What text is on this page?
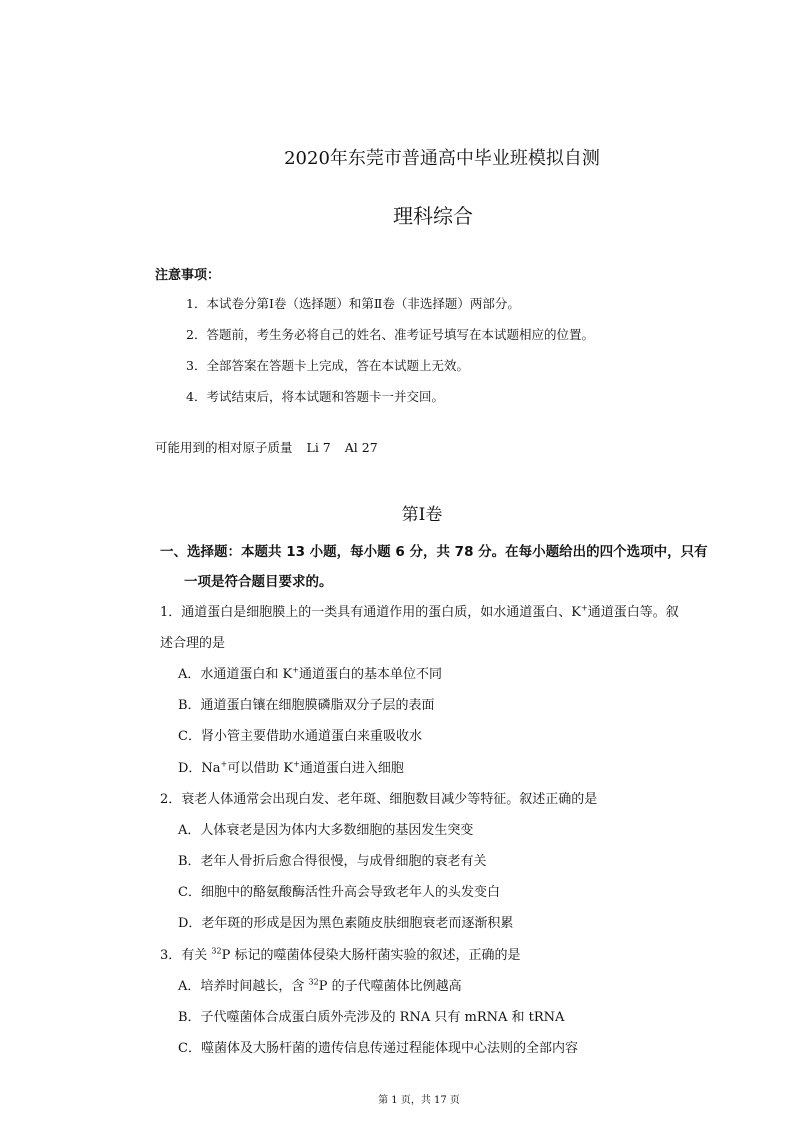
2020年东莞市普通高中毕业班模拟自测
理科综合
注意事项：
1．本试卷分第Ⅰ卷（选择题）和第Ⅱ卷（非选择题）两部分。
2．答题前，考生务必将自己的姓名、准考证号填写在本试题相应的位置。
3．全部答案在答题卡上完成，答在本试题上无效。
4．考试结束后，将本试题和答题卡一并交回。
可能用到的相对原子质量 Li 7 Al 27
第Ⅰ卷
一、选择题：本题共 13 小题，每小题 6 分，共 78 分。在每小题给出的四个选项中，只有
一项是符合题目要求的。
1．通道蛋白是细胞膜上的一类具有通道作用的蛋白质，如水通道蛋白、K+通道蛋白等。叙
述合理的是
A．水通道蛋白和 K+通道蛋白的基本单位不同
B．通道蛋白镶在细胞膜磷脂双分子层的表面
C．肾小管主要借助水通道蛋白来重吸收水
D．Na+可以借助 K+通道蛋白进入细胞
2．衰老人体通常会出现白发、老年斑、细胞数目减少等特征。叙述正确的是
A．人体衰老是因为体内大多数细胞的基因发生突变
B．老年人骨折后愈合得很慢，与成骨细胞的衰老有关
C．细胞中的酪氨酸酶活性升高会导致老年人的头发变白
D．老年斑的形成是因为黑色素随皮肤细胞衰老而逐渐积累
3．有关 $^{32}$P 标记的噬菌体侵染大肠杆菌实验的叙述，正确的是
A．培养时间越长，含 $^{32}$P 的子代噬菌体比例越高
B．子代噬菌体合成蛋白质外壳涉及的 RNA 只有 mRNA 和 tRNA
C．噬菌体及大肠杆菌的遗传信息传递过程能体现中心法则的全部内容
第 1 页，共 17 页
